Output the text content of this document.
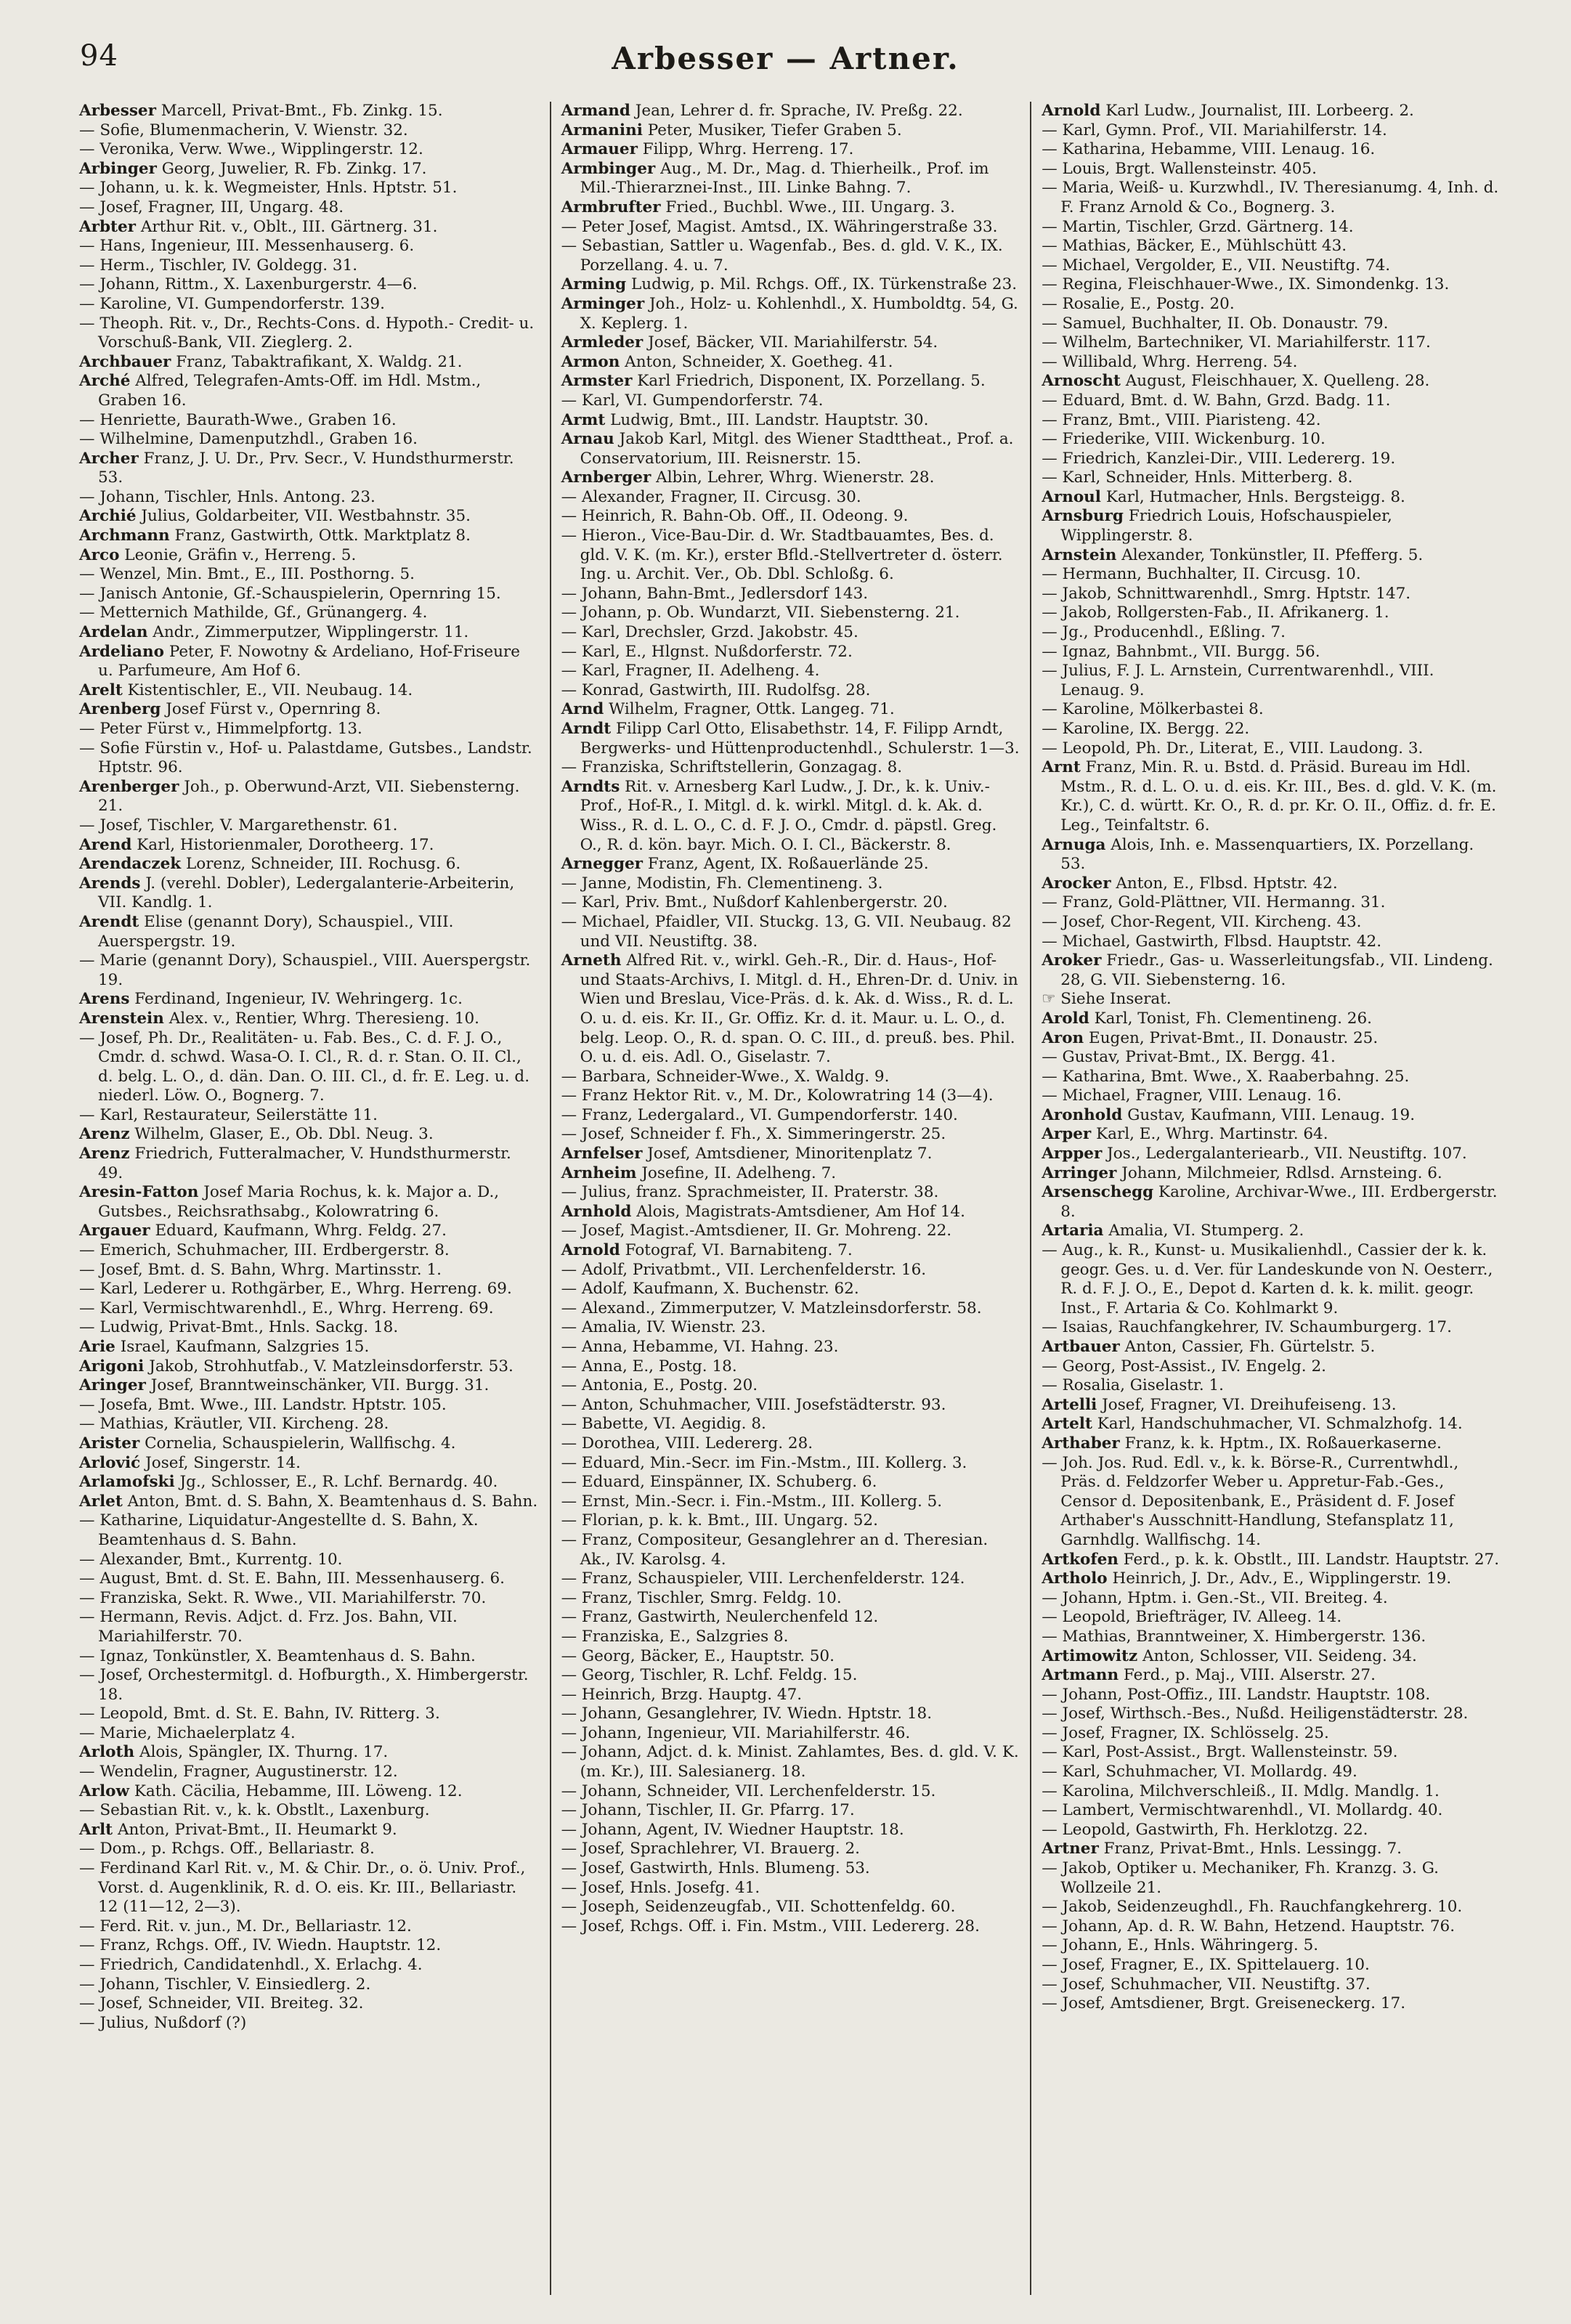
94	Arbesser — Artner.

Arbesser Marcell, Privat-Bmt., Fb. Zinkg. 15.

— Sofie, Blumenmacherin, V. Wienstr. 32.

— Veronika, Verw. Wwe., Wipplingerstr. 12.

Arbinger Georg, Juwelier, R. Fb. Zinkg. 17.

— Johann, u. k. k. Wegmeister, Hnls. Hptstr. 51.

— Josef, Fragner, III, Ungarg. 48.

Arbter Arthur Rit. v., Oblt., III. Gärtnerg. 31.

— Hans, Ingenieur, III. Messenhauserg. 6.

— Herm., Tischler, IV. Goldegg. 31.

— Johann, Rittm., X. Laxenburgerstr. 4—6.

— Karoline, VI. Gumpendorferstr. 139.

— Theoph. Rit. v., Dr., Rechts-Cons. d. Hypoth.- Credit- u. Vorschuß-Bank, VII. Zieglerg. 2.

Archbauer Franz, Tabaktrafikant, X. Waldg. 21.

Arché Alfred, Telegrafen-Amts-Off. im Hdl. Mstm., Graben 16.

— Henriette, Baurath-Wwe., Graben 16.

— Wilhelmine, Damenputzhdl., Graben 16.

Archer Franz, J. U. Dr., Prv. Secr., V. Hundsthurmerstr. 53.

— Johann, Tischler, Hnls. Antong. 23.

Archié Julius, Goldarbeiter, VII. Westbahnstr. 35.

Archmann Franz, Gastwirth, Ottk. Marktplatz 8.

Arco Leonie, Gräfin v., Herreng. 5.

— Wenzel, Min. Bmt., E., III. Posthorng. 5.

— Janisch Antonie, Gf.-Schauspielerin, Opernring 15.

— Metternich Mathilde, Gf., Grünangerg. 4.

Ardelan Andr., Zimmerputzer, Wipplingerstr. 11.

Ardeliano Peter, F. Nowotny & Ardeliano, Hof-Friseure u. Parfumeure, Am Hof 6.

Arelt Kistentischler, E., VII. Neubaug. 14.

Arenberg Josef Fürst v., Opernring 8.

— Peter Fürst v., Himmelpfortg. 13.

— Sofie Fürstin v., Hof- u. Palastdame, Gutsbes., Landstr. Hptstr. 96.

Arenberger Joh., p. Oberwund-Arzt, VII. Siebensterng. 21.

— Josef, Tischler, V. Margarethenstr. 61.

Arend Karl, Historienmaler, Dorotheerg. 17.

Arendaczek Lorenz, Schneider, III. Rochusg. 6.

Arends J. (verehl. Dobler), Ledergalanterie-Arbeiterin, VII. Kandlg. 1.

Arendt Elise (genannt Dory), Schauspiel., VIII. Auerspergstr. 19.

— Marie (genannt Dory), Schauspiel., VIII. Auerspergstr. 19.

Arens Ferdinand, Ingenieur, IV. Wehringerg. 1c.

Arenstein Alex. v., Rentier, Whrg. Theresieng. 10.

— Josef, Ph. Dr., Realitäten- u. Fab. Bes., C. d. F. J. O., Cmdr. d. schwd. Wasa-O. I. Cl., R. d. r. Stan. O. II. Cl., d. belg. L. O., d. dän. Dan. O. III. Cl., d. fr. E. Leg. u. d. niederl. Löw. O., Bognerg. 7.

— Karl, Restaurateur, Seilerstätte 11.

Arenz Wilhelm, Glaser, E., Ob. Dbl. Neug. 3.

Arenz Friedrich, Futteralmacher, V. Hundsthurmerstr. 49.

Aresin-Fatton Josef Maria Rochus, k. k. Major a. D., Gutsbes., Reichsrathsabg., Kolowratring 6.

Argauer Eduard, Kaufmann, Whrg. Feldg. 27.

— Emerich, Schuhmacher, III. Erdbergerstr. 8.

— Josef, Bmt. d. S. Bahn, Whrg. Martinsstr. 1.

— Karl, Lederer u. Rothgärber, E., Whrg. Herreng. 69.

— Karl, Vermischtwarenhdl., E., Whrg. Herreng. 69.

— Ludwig, Privat-Bmt., Hnls. Sackg. 18.

Arie Israel, Kaufmann, Salzgries 15.

Arigoni Jakob, Strohhutfab., V. Matzleinsdorferstr. 53.

Aringer Josef, Branntweinschänker, VII. Burgg. 31.

— Josefa, Bmt. Wwe., III. Landstr. Hptstr. 105.

— Mathias, Kräutler, VII. Kircheng. 28.

Arister Cornelia, Schauspielerin, Wallfischg. 4.

Arlović Josef, Singerstr. 14.

Arlamofski Jg., Schlosser, E., R. Lchf. Bernardg. 40.

Arlet Anton, Bmt. d. S. Bahn, X. Beamtenhaus d. S. Bahn.

— Katharine, Liquidatur-Angestellte d. S. Bahn, X. Beamtenhaus d. S. Bahn.

— Alexander, Bmt., Kurrentg. 10.

— August, Bmt. d. St. E. Bahn, III. Messenhauserg. 6.

— Franziska, Sekt. R. Wwe., VII. Mariahilferstr. 70.

— Hermann, Revis. Adjct. d. Frz. Jos. Bahn, VII. Mariahilferstr. 70.

— Ignaz, Tonkünstler, X. Beamtenhaus d. S. Bahn.

— Josef, Orchestermitgl. d. Hofburgth., X. Himbergerstr. 18.

— Leopold, Bmt. d. St. E. Bahn, IV. Ritterg. 3.

— Marie, Michaelerplatz 4.

Arloth Alois, Spängler, IX. Thurng. 17.

— Wendelin, Fragner, Augustinerstr. 12.

Arlow Kath. Cäcilia, Hebamme, III. Löweng. 12.

— Sebastian Rit. v., k. k. Obstlt., Laxenburg.

Arlt Anton, Privat-Bmt., II. Heumarkt 9.

— Dom., p. Rchgs. Off., Bellariastr. 8.

— Ferdinand Karl Rit. v., M. & Chir. Dr., o. ö. Univ. Prof., Vorst. d. Augenklinik, R. d. O. eis. Kr. III., Bellariastr. 12 (11—12, 2—3).

— Ferd. Rit. v. jun., M. Dr., Bellariastr. 12.

— Franz, Rchgs. Off., IV. Wiedn. Hauptstr. 12.

— Friedrich, Candidatenhdl., X. Erlachg. 4.

— Johann, Tischler, V. Einsiedlerg. 2.

— Josef, Schneider, VII. Breiteg. 32.

— Julius, Nußdorf (?)

Armand Jean, Lehrer d. fr. Sprache, IV. Preßg. 22.

Armanini Peter, Musiker, Tiefer Graben 5.

Armauer Filipp, Whrg. Herreng. 17.

Armbinger Aug., M. Dr., Mag. d. Thierheilk., Prof. im Mil.-Thierarznei-Inst., III. Linke Bahng. 7.

Armbrufter Fried., Buchbl. Wwe., III. Ungarg. 3.

— Peter Josef, Magist. Amtsd., IX. Währingerstraße 33.

— Sebastian, Sattler u. Wagenfab., Bes. d. gld. V. K., IX. Porzellang. 4. u. 7.

Arming Ludwig, p. Mil. Rchgs. Off., IX. Türkenstraße 23.

Arminger Joh., Holz- u. Kohlenhdl., X. Humboldtg. 54, G. X. Keplerg. 1.

Armleder Josef, Bäcker, VII. Mariahilferstr. 54.

Armon Anton, Schneider, X. Goetheg. 41.

Armster Karl Friedrich, Disponent, IX. Porzellang. 5.

— Karl, VI. Gumpendorferstr. 74.

Armt Ludwig, Bmt., III. Landstr. Hauptstr. 30.

Arnau Jakob Karl, Mitgl. des Wiener Stadttheat., Prof. a. Conservatorium, III. Reisnerstr. 15.

Arnberger Albin, Lehrer, Whrg. Wienerstr. 28.

— Alexander, Fragner, II. Circusg. 30.

— Heinrich, R. Bahn-Ob. Off., II. Odeong. 9.

— Hieron., Vice-Bau-Dir. d. Wr. Stadtbauamtes, Bes. d. gld. V. K. (m. Kr.), erster Bfld.-Stellvertreter d. österr. Ing. u. Archit. Ver., Ob. Dbl. Schloßg. 6.

— Johann, Bahn-Bmt., Jedlersdorf 143.

— Johann, p. Ob. Wundarzt, VII. Siebensterng. 21.

— Karl, Drechsler, Grzd. Jakobstr. 45.

— Karl, E., Hlgnst. Nußdorferstr. 72.

— Karl, Fragner, II. Adelheng. 4.

— Konrad, Gastwirth, III. Rudolfsg. 28.

Arnd Wilhelm, Fragner, Ottk. Langeg. 71.

Arndt Filipp Carl Otto, Elisabethstr. 14, F. Filipp Arndt, Bergwerks- und Hüttenproductenhdl., Schulerstr. 1—3.

— Franziska, Schriftstellerin, Gonzagag. 8.

Arndts Rit. v. Arnesberg Karl Ludw., J. Dr., k. k. Univ.-Prof., Hof-R., I. Mitgl. d. k. wirkl. Mitgl. d. k. Ak. d. Wiss., R. d. L. O., C. d. F. J. O., Cmdr. d. päpstl. Greg. O., R. d. kön. bayr. Mich. O. I. Cl., Bäckerstr. 8.

Arnegger Franz, Agent, IX. Roßauerlände 25.

— Janne, Modistin, Fh. Clementineng. 3.

— Karl, Priv. Bmt., Nußdorf Kahlenbergerstr. 20.

— Michael, Pfaidler, VII. Stuckg. 13, G. VII. Neubaug. 82 und VII. Neustiftg. 38.

Arneth Alfred Rit. v., wirkl. Geh.-R., Dir. d. Haus-, Hof- und Staats-Archivs, I. Mitgl. d. H., Ehren-Dr. d. Univ. in Wien und Breslau, Vice-Präs. d. k. Ak. d. Wiss., R. d. L. O. u. d. eis. Kr. II., Gr. Offiz. Kr. d. it. Maur. u. L. O., d. belg. Leop. O., R. d. span. O. C. III., d. preuß. bes. Phil. O. u. d. eis. Adl. O., Giselastr. 7.

— Barbara, Schneider-Wwe., X. Waldg. 9.

— Franz Hektor Rit. v., M. Dr., Kolowratring 14 (3—4).

— Franz, Ledergalard., VI. Gumpendorferstr. 140.

— Josef, Schneider f. Fh., X. Simmeringerstr. 25.

Arnfelser Josef, Amtsdiener, Minoritenplatz 7.

Arnheim Josefine, II. Adelheng. 7.

— Julius, franz. Sprachmeister, II. Praterstr. 38.

Arnhold Alois, Magistrats-Amtsdiener, Am Hof 14.

— Josef, Magist.-Amtsdiener, II. Gr. Mohreng. 22.

Arnold Fotograf, VI. Barnabiteng. 7.

— Adolf, Privatbmt., VII. Lerchenfelderstr. 16.

— Adolf, Kaufmann, X. Buchenstr. 62.

— Alexand., Zimmerputzer, V. Matzleinsdorferstr. 58.

— Amalia, IV. Wienstr. 23.

— Anna, Hebamme, VI. Hahng. 23.

— Anna, E., Postg. 18.

— Antonia, E., Postg. 20.

— Anton, Schuhmacher, VIII. Josefstädterstr. 93.

— Babette, VI. Aegidig. 8.

— Dorothea, VIII. Ledererg. 28.

— Eduard, Min.-Secr. im Fin.-Mstm., III. Kollerg. 3.

— Eduard, Einspänner, IX. Schuberg. 6.

— Ernst, Min.-Secr. i. Fin.-Mstm., III. Kollerg. 5.

— Florian, p. k. k. Bmt., III. Ungarg. 52.

— Franz, Compositeur, Gesanglehrer an d. Theresian. Ak., IV. Karolsg. 4.

— Franz, Schauspieler, VIII. Lerchenfelderstr. 124.

— Franz, Tischler, Smrg. Feldg. 10.

— Franz, Gastwirth, Neulerchenfeld 12.

— Franziska, E., Salzgries 8.

— Georg, Bäcker, E., Hauptstr. 50.

— Georg, Tischler, R. Lchf. Feldg. 15.

— Heinrich, Brzg. Hauptg. 47.

— Johann, Gesanglehrer, IV. Wiedn. Hptstr. 18.

— Johann, Ingenieur, VII. Mariahilferstr. 46.

— Johann, Adjct. d. k. Minist. Zahlamtes, Bes. d. gld. V. K. (m. Kr.), III. Salesianerg. 18.

— Johann, Schneider, VII. Lerchenfelderstr. 15.

— Johann, Tischler, II. Gr. Pfarrg. 17.

— Johann, Agent, IV. Wiedner Hauptstr. 18.

— Josef, Sprachlehrer, VI. Brauerg. 2.

— Josef, Gastwirth, Hnls. Blumeng. 53.

— Josef, Hnls. Josefg. 41.

— Joseph, Seidenzeugfab., VII. Schottenfeldg. 60.

— Josef, Rchgs. Off. i. Fin. Mstm., VIII. Ledererg. 28.

Arnold Karl Ludw., Journalist, III. Lorbeerg. 2.

— Karl, Gymn. Prof., VII. Mariahilferstr. 14.

— Katharina, Hebamme, VIII. Lenaug. 16.

— Louis, Brgt. Wallensteinstr. 405.

— Maria, Weiß- u. Kurzwhdl., IV. Theresianumg. 4, Inh. d. F. Franz Arnold & Co., Bognerg. 3.

— Martin, Tischler, Grzd. Gärtnerg. 14.

— Mathias, Bäcker, E., Mühlschütt 43.

— Michael, Vergolder, E., VII. Neustiftg. 74.

— Regina, Fleischhauer-Wwe., IX. Simondenkg. 13.

— Rosalie, E., Postg. 20.

— Samuel, Buchhalter, II. Ob. Donaustr. 79.

— Wilhelm, Bartechniker, VI. Mariahilferstr. 117.

— Willibald, Whrg. Herreng. 54.

Arnoscht August, Fleischhauer, X. Quelleng. 28.

— Eduard, Bmt. d. W. Bahn, Grzd. Badg. 11.

— Franz, Bmt., VIII. Piaristeng. 42.

— Friederike, VIII. Wickenburg. 10.

— Friedrich, Kanzlei-Dir., VIII. Ledererg. 19.

— Karl, Schneider, Hnls. Mitterberg. 8.

Arnoul Karl, Hutmacher, Hnls. Bergsteigg. 8.

Arnsburg Friedrich Louis, Hofschauspieler, Wipplingerstr. 8.

Arnstein Alexander, Tonkünstler, II. Pfefferg. 5.

— Hermann, Buchhalter, II. Circusg. 10.

— Jakob, Schnittwarenhdl., Smrg. Hptstr. 147.

— Jakob, Rollgersten-Fab., II. Afrikanerg. 1.

— Jg., Producenhdl., Eßling. 7.

— Ignaz, Bahnbmt., VII. Burgg. 56.

— Julius, F. J. L. Arnstein, Currentwarenhdl., VIII. Lenaug. 9.

— Karoline, Mölkerbastei 8.

— Karoline, IX. Bergg. 22.

— Leopold, Ph. Dr., Literat, E., VIII. Laudong. 3.

Arnt Franz, Min. R. u. Bstd. d. Präsid. Bureau im Hdl. Mstm., R. d. L. O. u. d. eis. Kr. III., Bes. d. gld. V. K. (m. Kr.), C. d. württ. Kr. O., R. d. pr. Kr. O. II., Offiz. d. fr. E. Leg., Teinfaltstr. 6.

Arnuga Alois, Inh. e. Massenquartiers, IX. Porzellang. 53.

Arocker Anton, E., Flbsd. Hptstr. 42.

— Franz, Gold-Plättner, VII. Hermanng. 31.

— Josef, Chor-Regent, VII. Kircheng. 43.

— Michael, Gastwirth, Flbsd. Hauptstr. 42.

Aroker Friedr., Gas- u. Wasserleitungsfab., VII. Lindeng. 28, G. VII. Siebensterng. 16.

☞ Siehe Inserat.

Arold Karl, Tonist, Fh. Clementineng. 26.

Aron Eugen, Privat-Bmt., II. Donaustr. 25.

— Gustav, Privat-Bmt., IX. Bergg. 41.

— Katharina, Bmt. Wwe., X. Raaberbahng. 25.

— Michael, Fragner, VIII. Lenaug. 16.

Aronhold Gustav, Kaufmann, VIII. Lenaug. 19.

Arper Karl, E., Whrg. Martinstr. 64.

Arpper Jos., Ledergalanteriearb., VII. Neustiftg. 107.

Arringer Johann, Milchmeier, Rdlsd. Arnsteing. 6.

Arsenschegg Karoline, Archivar-Wwe., III. Erdbergerstr. 8.

Artaria Amalia, VI. Stumperg. 2.

— Aug., k. R., Kunst- u. Musikalienhdl., Cassier der k. k. geogr. Ges. u. d. Ver. für Landeskunde von N. Oesterr., R. d. F. J. O., E., Depot d. Karten d. k. k. milit. geogr. Inst., F. Artaria & Co. Kohlmarkt 9.

— Isaias, Rauchfangkehrer, IV. Schaumburgerg. 17.

Artbauer Anton, Cassier, Fh. Gürtelstr. 5.

— Georg, Post-Assist., IV. Engelg. 2.

— Rosalia, Giselastr. 1.

Artelli Josef, Fragner, VI. Dreihufeiseng. 13.

Artelt Karl, Handschuhmacher, VI. Schmalzhofg. 14.

Arthaber Franz, k. k. Hptm., IX. Roßauerkaserne.

— Joh. Jos. Rud. Edl. v., k. k. Börse-R., Currentwhdl., Präs. d. Feldzorfer Weber u. Appretur-Fab.-Ges., Censor d. Depositenbank, E., Präsident d. F. Josef Arthaber's Ausschnitt-Handlung, Stefansplatz 11, Garnhdlg. Wallfischg. 14.

Artkofen Ferd., p. k. k. Obstlt., III. Landstr. Hauptstr. 27.

Artholo Heinrich, J. Dr., Adv., E., Wipplingerstr. 19.

— Johann, Hptm. i. Gen.-St., VII. Breiteg. 4.

— Leopold, Briefträger, IV. Alleeg. 14.

— Mathias, Branntweiner, X. Himbergerstr. 136.

Artimowitz Anton, Schlosser, VII. Seideng. 34.

Artmann Ferd., p. Maj., VIII. Alserstr. 27.

— Johann, Post-Offiz., III. Landstr. Hauptstr. 108.

— Josef, Wirthsch.-Bes., Nußd. Heiligenstädterstr. 28.

— Josef, Fragner, IX. Schlösselg. 25.

— Karl, Post-Assist., Brgt. Wallensteinstr. 59.

— Karl, Schuhmacher, VI. Mollardg. 49.

— Karolina, Milchverschleiß., II. Mdlg. Mandlg. 1.

— Lambert, Vermischtwarenhdl., VI. Mollardg. 40.

— Leopold, Gastwirth, Fh. Herklotzg. 22.

Artner Franz, Privat-Bmt., Hnls. Lessingg. 7.

— Jakob, Optiker u. Mechaniker, Fh. Kranzg. 3. G. Wollzeile 21.

— Jakob, Seidenzeughdl., Fh. Rauchfangkehrerg. 10.

— Johann, Ap. d. R. W. Bahn, Hetzend. Hauptstr. 76.

— Johann, E., Hnls. Währingerg. 5.

— Josef, Fragner, E., IX. Spittelauerg. 10.

— Josef, Schuhmacher, VII. Neustiftg. 37.

— Josef, Amtsdiener, Brgt. Greiseneckerg. 17.
